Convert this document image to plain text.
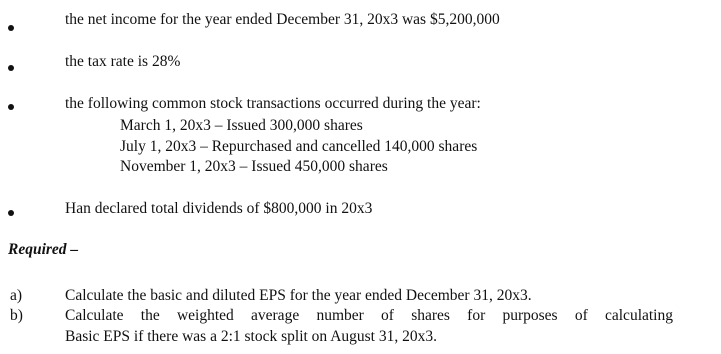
the net income for the year ended December 31, 20x3 was $5,200,000
the tax rate is 28%
the following common stock transactions occurred during the year:
March 1, 20x3 – Issued 300,000 shares
July 1, 20x3 – Repurchased and cancelled 140,000 shares
November 1, 20x3 – Issued 450,000 shares
Han declared total dividends of $800,000 in 20x3
Required –
a)	Calculate the basic and diluted EPS for the year ended December 31, 20x3.
b)	Calculate the weighted average number of shares for purposes of calculating
Basic EPS if there was a 2:1 stock split on August 31, 20x3.
